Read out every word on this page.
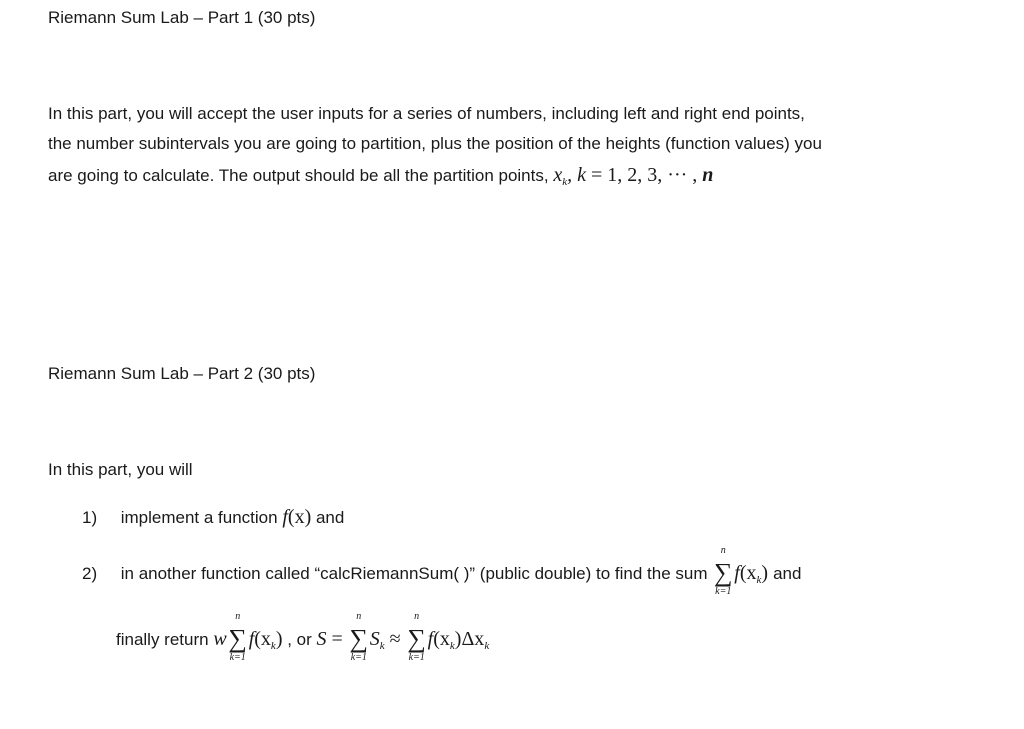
Riemann Sum Lab – Part 1 (30 pts)
In this part, you will accept the user inputs for a series of numbers, including left and right end points,
the number subintervals you are going to partition, plus the position of the heights (function values) you
are going to calculate. The output should be all the partition points, $x_k$, k = 1, 2, 3, ··· , n
Riemann Sum Lab – Part 2 (30 pts)
In this part, you will
1) implement a function f(x) and
2) in another function called “calcRiemannSum( )” (public double) to find the sum
n
∑
k=1
$f(x_k)$ and
finally return w
n
∑
k=1
$f(x_k)$ , or S =
n
∑
k=1
$S_k$ ≈
n
∑
k=1
$f(x_k)\Delta x_k$
